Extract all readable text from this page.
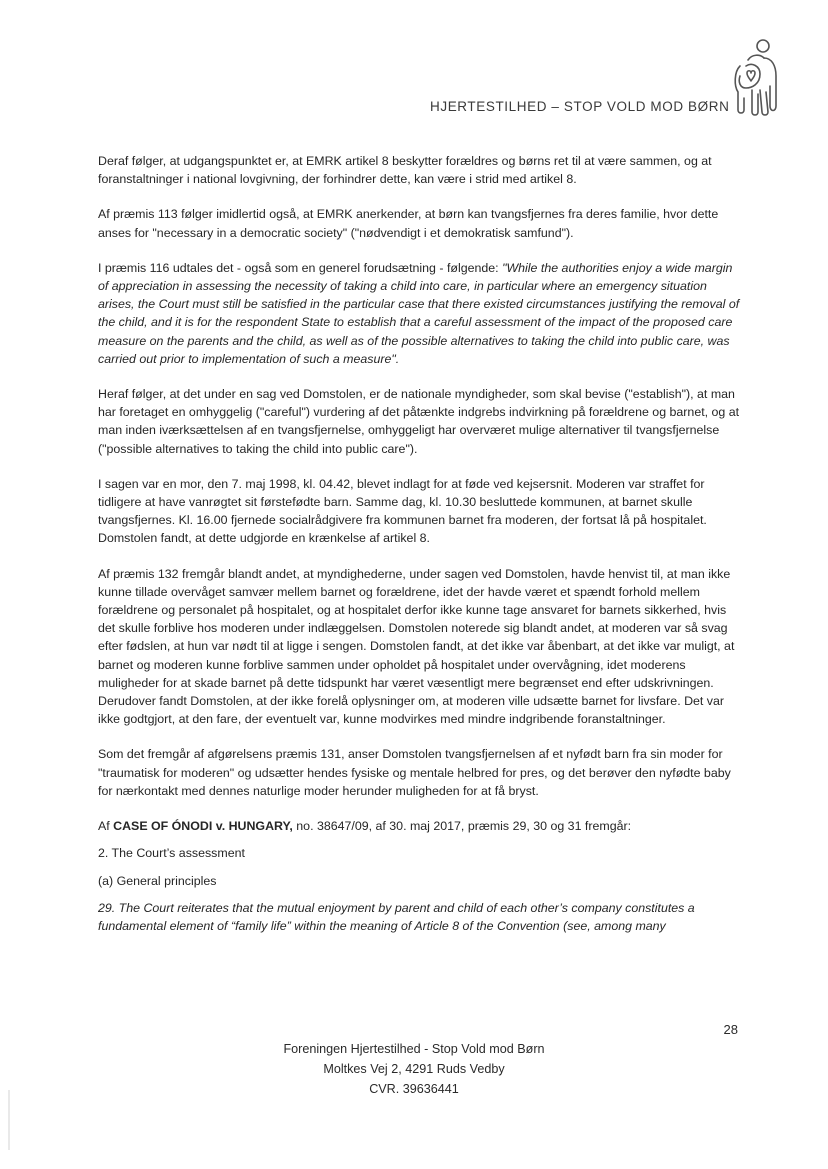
HJERTESTILHED – STOP VOLD MOD BØRN

Deraf følger, at udgangspunktet er, at EMRK artikel 8 beskytter forældres og børns ret til at være sammen, og at foranstaltninger i national lovgivning, der forhindrer dette, kan være i strid med artikel 8.

Af præmis 113 følger imidlertid også, at EMRK anerkender, at børn kan tvangsfjernes fra deres familie, hvor dette anses for "necessary in a democratic society" ("nødvendigt i et demokratisk samfund").

I præmis 116 udtales det - også som en generel forudsætning - følgende: "While the authorities enjoy a wide margin of appreciation in assessing the necessity of taking a child into care, in particular where an emergency situation arises, the Court must still be satisfied in the particular case that there existed circumstances justifying the removal of the child, and it is for the respondent State to establish that a careful assessment of the impact of the proposed care measure on the parents and the child, as well as of the possible alternatives to taking the child into public care, was carried out prior to implementation of such a measure".

Heraf følger, at det under en sag ved Domstolen, er de nationale myndigheder, som skal bevise ("establish"), at man har foretaget en omhyggelig ("careful") vurdering af det påtænkte indgrebs indvirkning på forældrene og barnet, og at man inden iværksættelsen af en tvangsfjernelse, omhyggeligt har overværet mulige alternativer til tvangsfjernelse ("possible alternatives to taking the child into public care").

I sagen var en mor, den 7. maj 1998, kl. 04.42, blevet indlagt for at føde ved kejsersnit. Moderen var straffet for tidligere at have vanrøgtet sit førstefødte barn. Samme dag, kl. 10.30 besluttede kommunen, at barnet skulle tvangsfjernes. Kl. 16.00 fjernede socialrådgivere fra kommunen barnet fra moderen, der fortsat lå på hospitalet. Domstolen fandt, at dette udgjorde en krænkelse af artikel 8.

Af præmis 132 fremgår blandt andet, at myndighederne, under sagen ved Domstolen, havde henvist til, at man ikke kunne tillade overvåget samvær mellem barnet og forældrene, idet der havde været et spændt forhold mellem forældrene og personalet på hospitalet, og at hospitalet derfor ikke kunne tage ansvaret for barnets sikkerhed, hvis det skulle forblive hos moderen under indlæggelsen. Domstolen noterede sig blandt andet, at moderen var så svag efter fødslen, at hun var nødt til at ligge i sengen. Domstolen fandt, at det ikke var åbenbart, at det ikke var muligt, at barnet og moderen kunne forblive sammen under opholdet på hospitalet under overvågning, idet moderens muligheder for at skade barnet på dette tidspunkt har været væsentligt mere begrænset end efter udskrivningen. Derudover fandt Domstolen, at der ikke forelå oplysninger om, at moderen ville udsætte barnet for livsfare. Det var ikke godtgjort, at den fare, der eventuelt var, kunne modvirkes med mindre indgribende foranstaltninger.

Som det fremgår af afgørelsens præmis 131, anser Domstolen tvangsfjernelsen af et nyfødt barn fra sin moder for "traumatisk for moderen" og udsætter hendes fysiske og mentale helbred for pres, og det berøver den nyfødte baby for nærkontakt med dennes naturlige moder herunder muligheden for at få bryst.

Af CASE OF ÓNODI v. HUNGARY, no. 38647/09, af 30. maj 2017, præmis 29, 30 og 31 fremgår:

2. The Court’s assessment

(a) General principles

29. The Court reiterates that the mutual enjoyment by parent and child of each other’s company constitutes a fundamental element of “family life” within the meaning of Article 8 of the Convention (see, among many

28
Foreningen Hjertestilhed - Stop Vold mod Børn
Moltkes Vej 2, 4291 Ruds Vedby
CVR. 39636441
